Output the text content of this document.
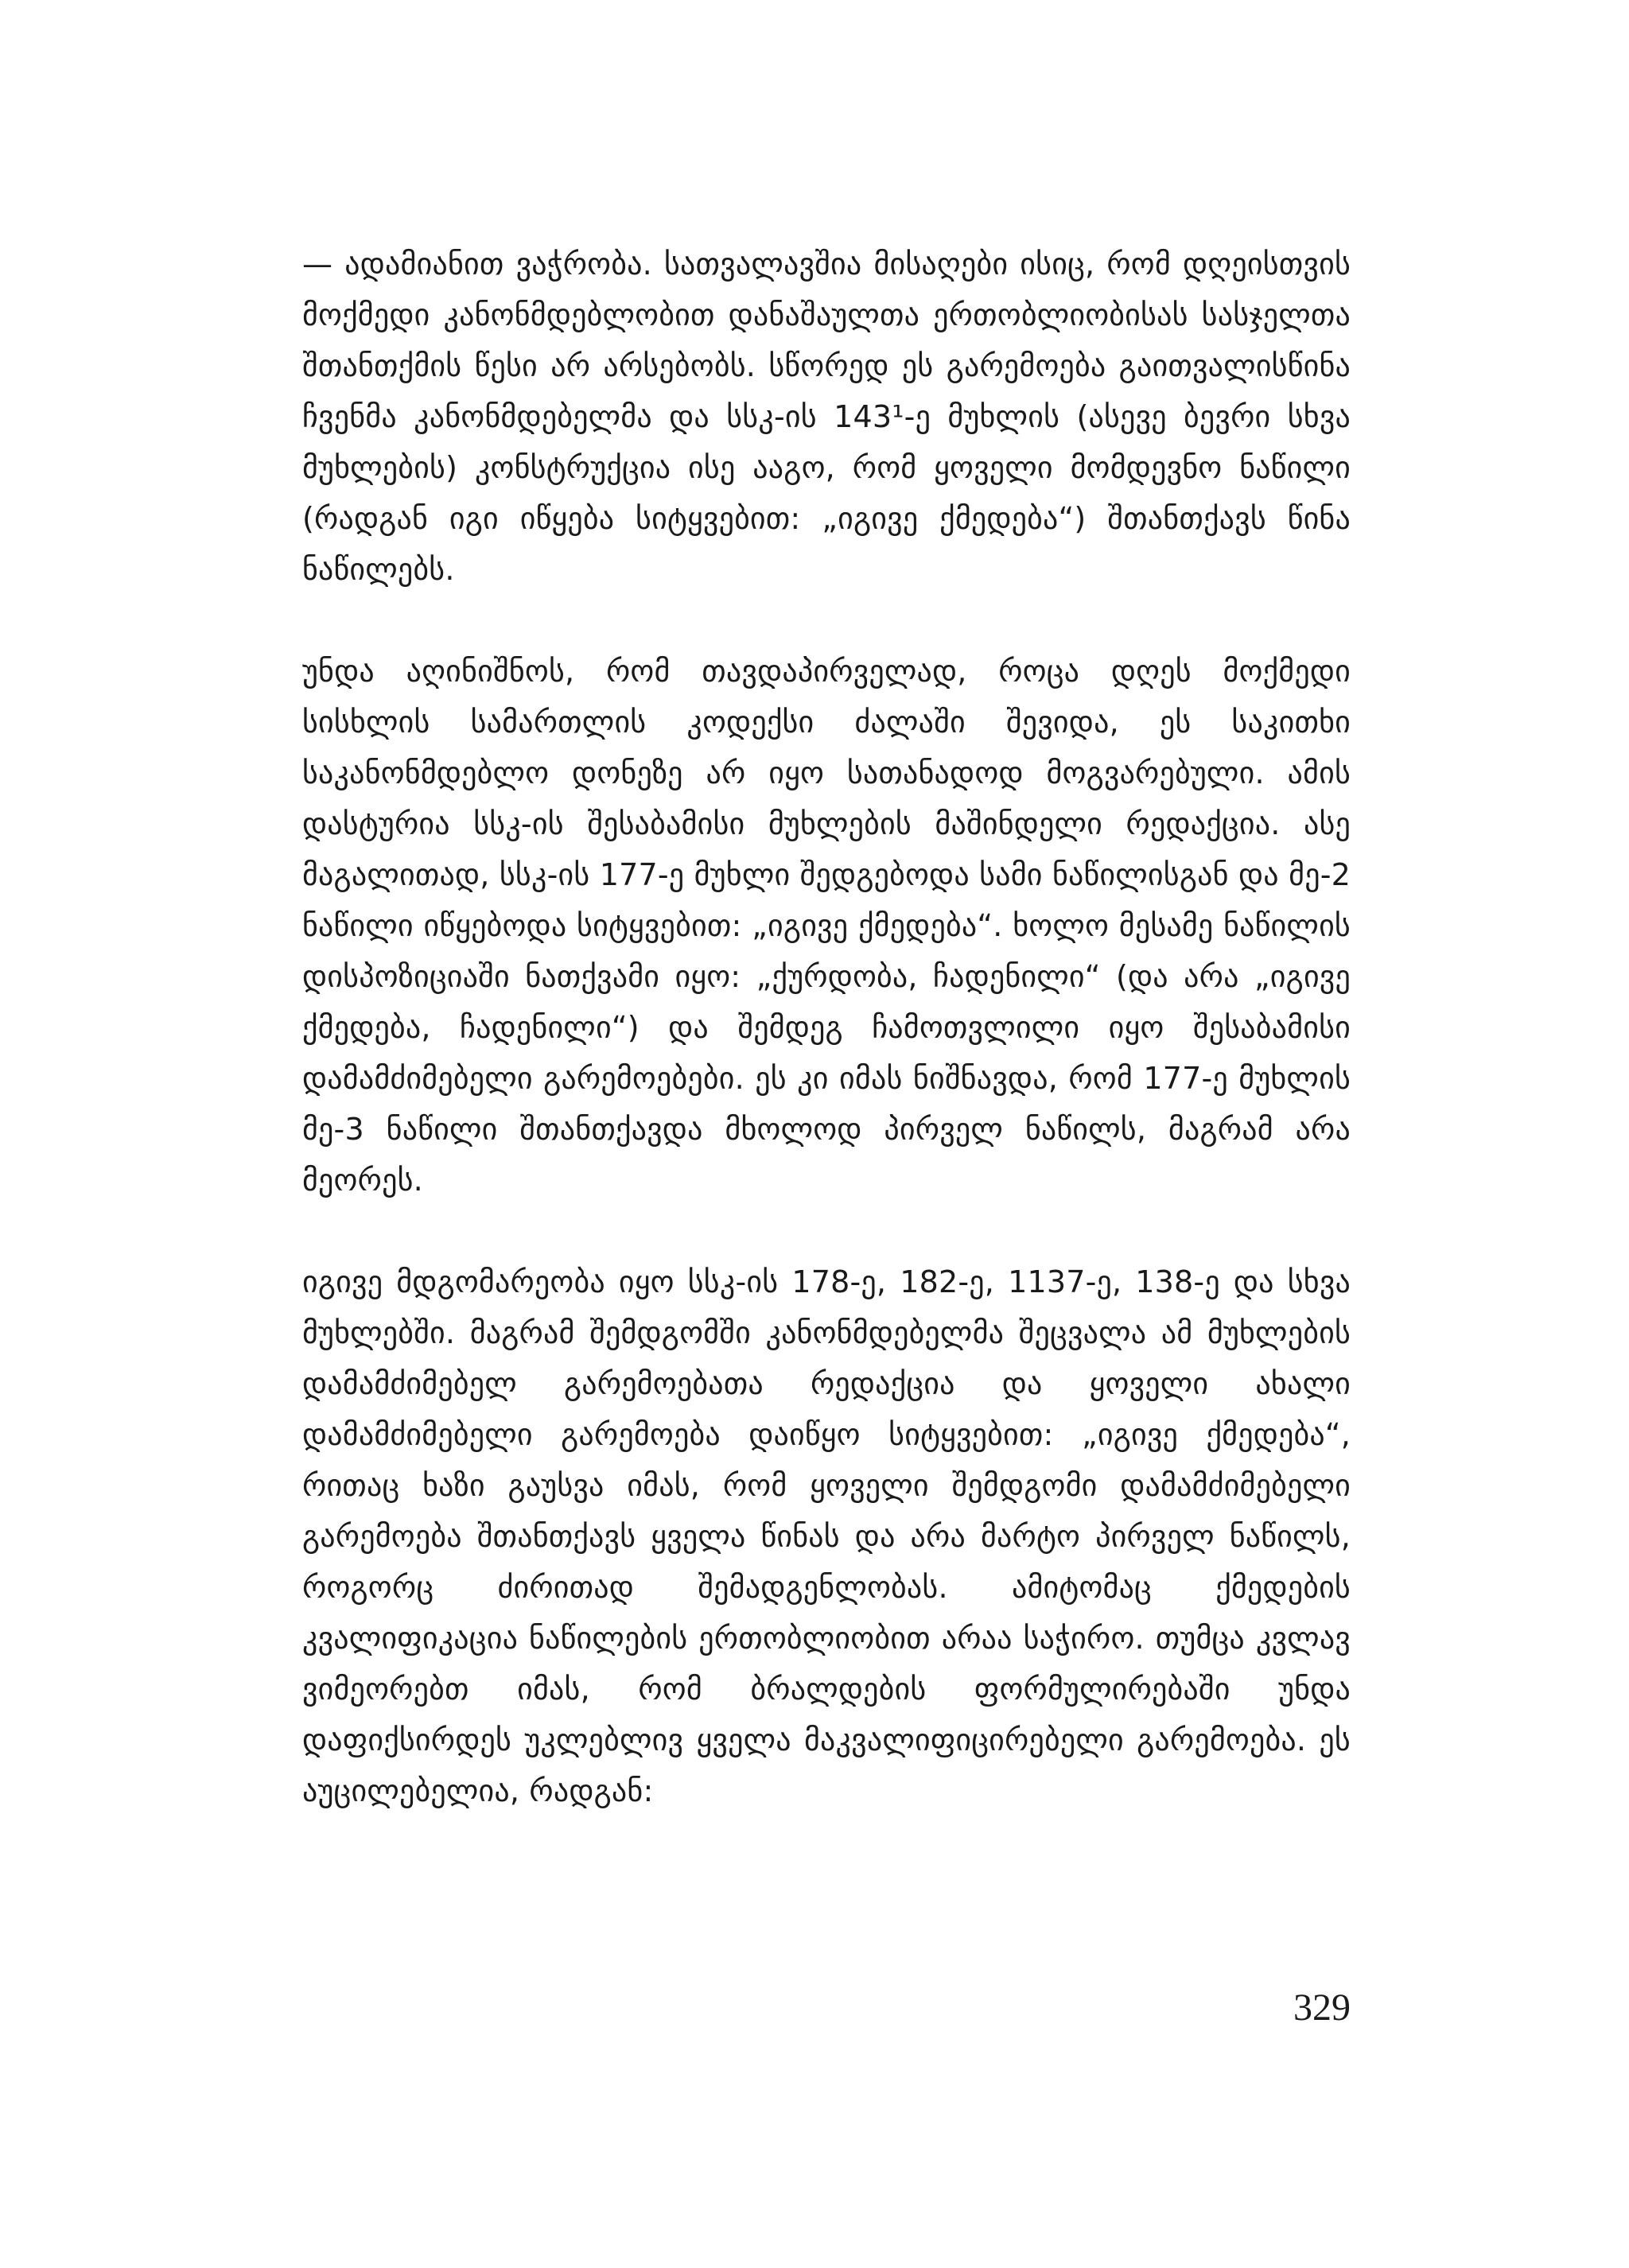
— ადამიანით ვაჭრობა. სათვალავშია მისაღები ისიც, რომ დღეისთვის მოქმედი კანონმდებლობით დანაშაულთა ერთობლიობისას სასჯელთა შთანთქმის წესი არ არსებობს. სწორედ ეს გარემოება გაითვალისწინა ჩვენმა კანონმდებელმა და სსკ-ის 143¹-ე მუხლის (ასევე ბევრი სხვა მუხლების) კონსტრუქცია ისე ააგო, რომ ყოველი მომდევნო ნაწილი (რადგან იგი იწყება სიტყვებით: „იგივე ქმედება“) შთანთქავს წინა ნაწილებს.

უნდა აღინიშნოს, რომ თავდაპირველად, როცა დღეს მოქმედი სისხლის სამართლის კოდექსი ძალაში შევიდა, ეს საკითხი საკანონმდებლო დონეზე არ იყო სათანადოდ მოგვარებული. ამის დასტურია სსკ-ის შესაბამისი მუხლების მაშინდელი რედაქცია. ასე მაგალითად, სსკ-ის 177-ე მუხლი შედგებოდა სამი ნაწილისგან და მე-2 ნაწილი იწყებოდა სიტყვებით: „იგივე ქმედება“. ხოლო მესამე ნაწილის დისპოზიციაში ნათქვამი იყო: „ქურდობა, ჩადენილი“ (და არა „იგივე ქმედება, ჩადენილი“) და შემდეგ ჩამოთვლილი იყო შესაბამისი დამამძიმებელი გარემოებები. ეს კი იმას ნიშნავდა, რომ 177-ე მუხლის მე-3 ნაწილი შთანთქავდა მხოლოდ პირველ ნაწილს, მაგრამ არა მეორეს.

იგივე მდგომარეობა იყო სსკ-ის 178-ე, 182-ე, 1137-ე, 138-ე და სხვა მუხლებში. მაგრამ შემდგომში კანონმდებელმა შეცვალა ამ მუხლების დამამძიმებელ გარემოებათა რედაქცია და ყოველი ახალი დამამძიმებელი გარემოება დაიწყო სიტყვებით: „იგივე ქმედება“, რითაც ხაზი გაუსვა იმას, რომ ყოველი შემდგომი დამამძიმებელი გარემოება შთანთქავს ყველა წინას და არა მარტო პირველ ნაწილს, როგორც ძირითად შემადგენლობას. ამიტომაც ქმედების კვალიფიკაცია ნაწილების ერთობლიობით არაა საჭირო. თუმცა კვლავ ვიმეორებთ იმას, რომ ბრალდების ფორმულირებაში უნდა დაფიქსირდეს უკლებლივ ყველა მაკვალიფიცირებელი გარემოება. ეს აუცილებელია, რადგან:

329
